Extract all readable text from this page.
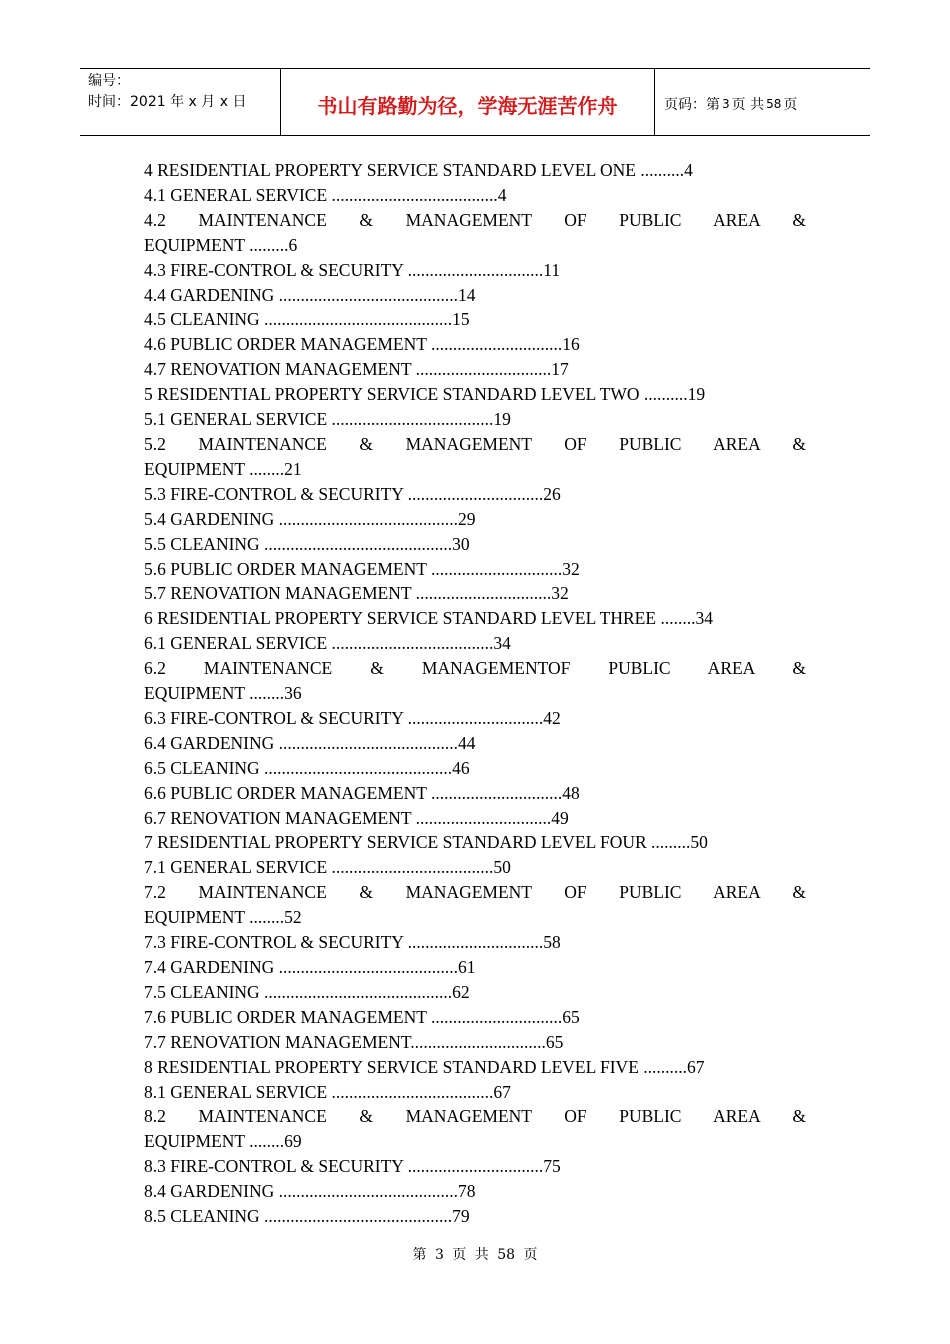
编号：
时间：2021 年 x 月 x 日	书山有路勤为径，学海无涯苦作舟	页码：第 3 页 共 58 页
4 RESIDENTIAL PROPERTY SERVICE STANDARD LEVEL ONE ..........4
4.1 GENERAL SERVICE ......................................4
4.2 MAINTENANCE & MANAGEMENT OF PUBLIC AREA &
EQUIPMENT .........6
4.3 FIRE-CONTROL & SECURITY ...............................11
4.4 GARDENING .........................................14
4.5 CLEANING ...........................................15
4.6 PUBLIC ORDER MANAGEMENT ..............................16
4.7 RENOVATION MANAGEMENT ...............................17
5 RESIDENTIAL PROPERTY SERVICE STANDARD LEVEL TWO ..........19
5.1 GENERAL SERVICE .....................................19
5.2 MAINTENANCE & MANAGEMENT OF PUBLIC AREA &
EQUIPMENT ........21
5.3 FIRE-CONTROL & SECURITY ...............................26
5.4 GARDENING .........................................29
5.5 CLEANING ...........................................30
5.6 PUBLIC ORDER MANAGEMENT ..............................32
5.7 RENOVATION MANAGEMENT ...............................32
6 RESIDENTIAL PROPERTY SERVICE STANDARD LEVEL THREE ........34
6.1 GENERAL SERVICE .....................................34
6.2 MAINTENANCE & MANAGEMENTOF PUBLIC AREA &
EQUIPMENT ........36
6.3 FIRE-CONTROL & SECURITY ...............................42
6.4 GARDENING .........................................44
6.5 CLEANING ...........................................46
6.6 PUBLIC ORDER MANAGEMENT ..............................48
6.7 RENOVATION MANAGEMENT ...............................49
7 RESIDENTIAL PROPERTY SERVICE STANDARD LEVEL FOUR .........50
7.1 GENERAL SERVICE .....................................50
7.2 MAINTENANCE & MANAGEMENT OF PUBLIC AREA &
EQUIPMENT ........52
7.3 FIRE-CONTROL & SECURITY ...............................58
7.4 GARDENING .........................................61
7.5 CLEANING ...........................................62
7.6 PUBLIC ORDER MANAGEMENT ..............................65
7.7 RENOVATION MANAGEMENT...............................65
8 RESIDENTIAL PROPERTY SERVICE STANDARD LEVEL FIVE ..........67
8.1 GENERAL SERVICE .....................................67
8.2 MAINTENANCE & MANAGEMENT OF PUBLIC AREA &
EQUIPMENT ........69
8.3 FIRE-CONTROL & SECURITY ...............................75
8.4 GARDENING .........................................78
8.5 CLEANING ...........................................79
第 3 页 共 58 页
